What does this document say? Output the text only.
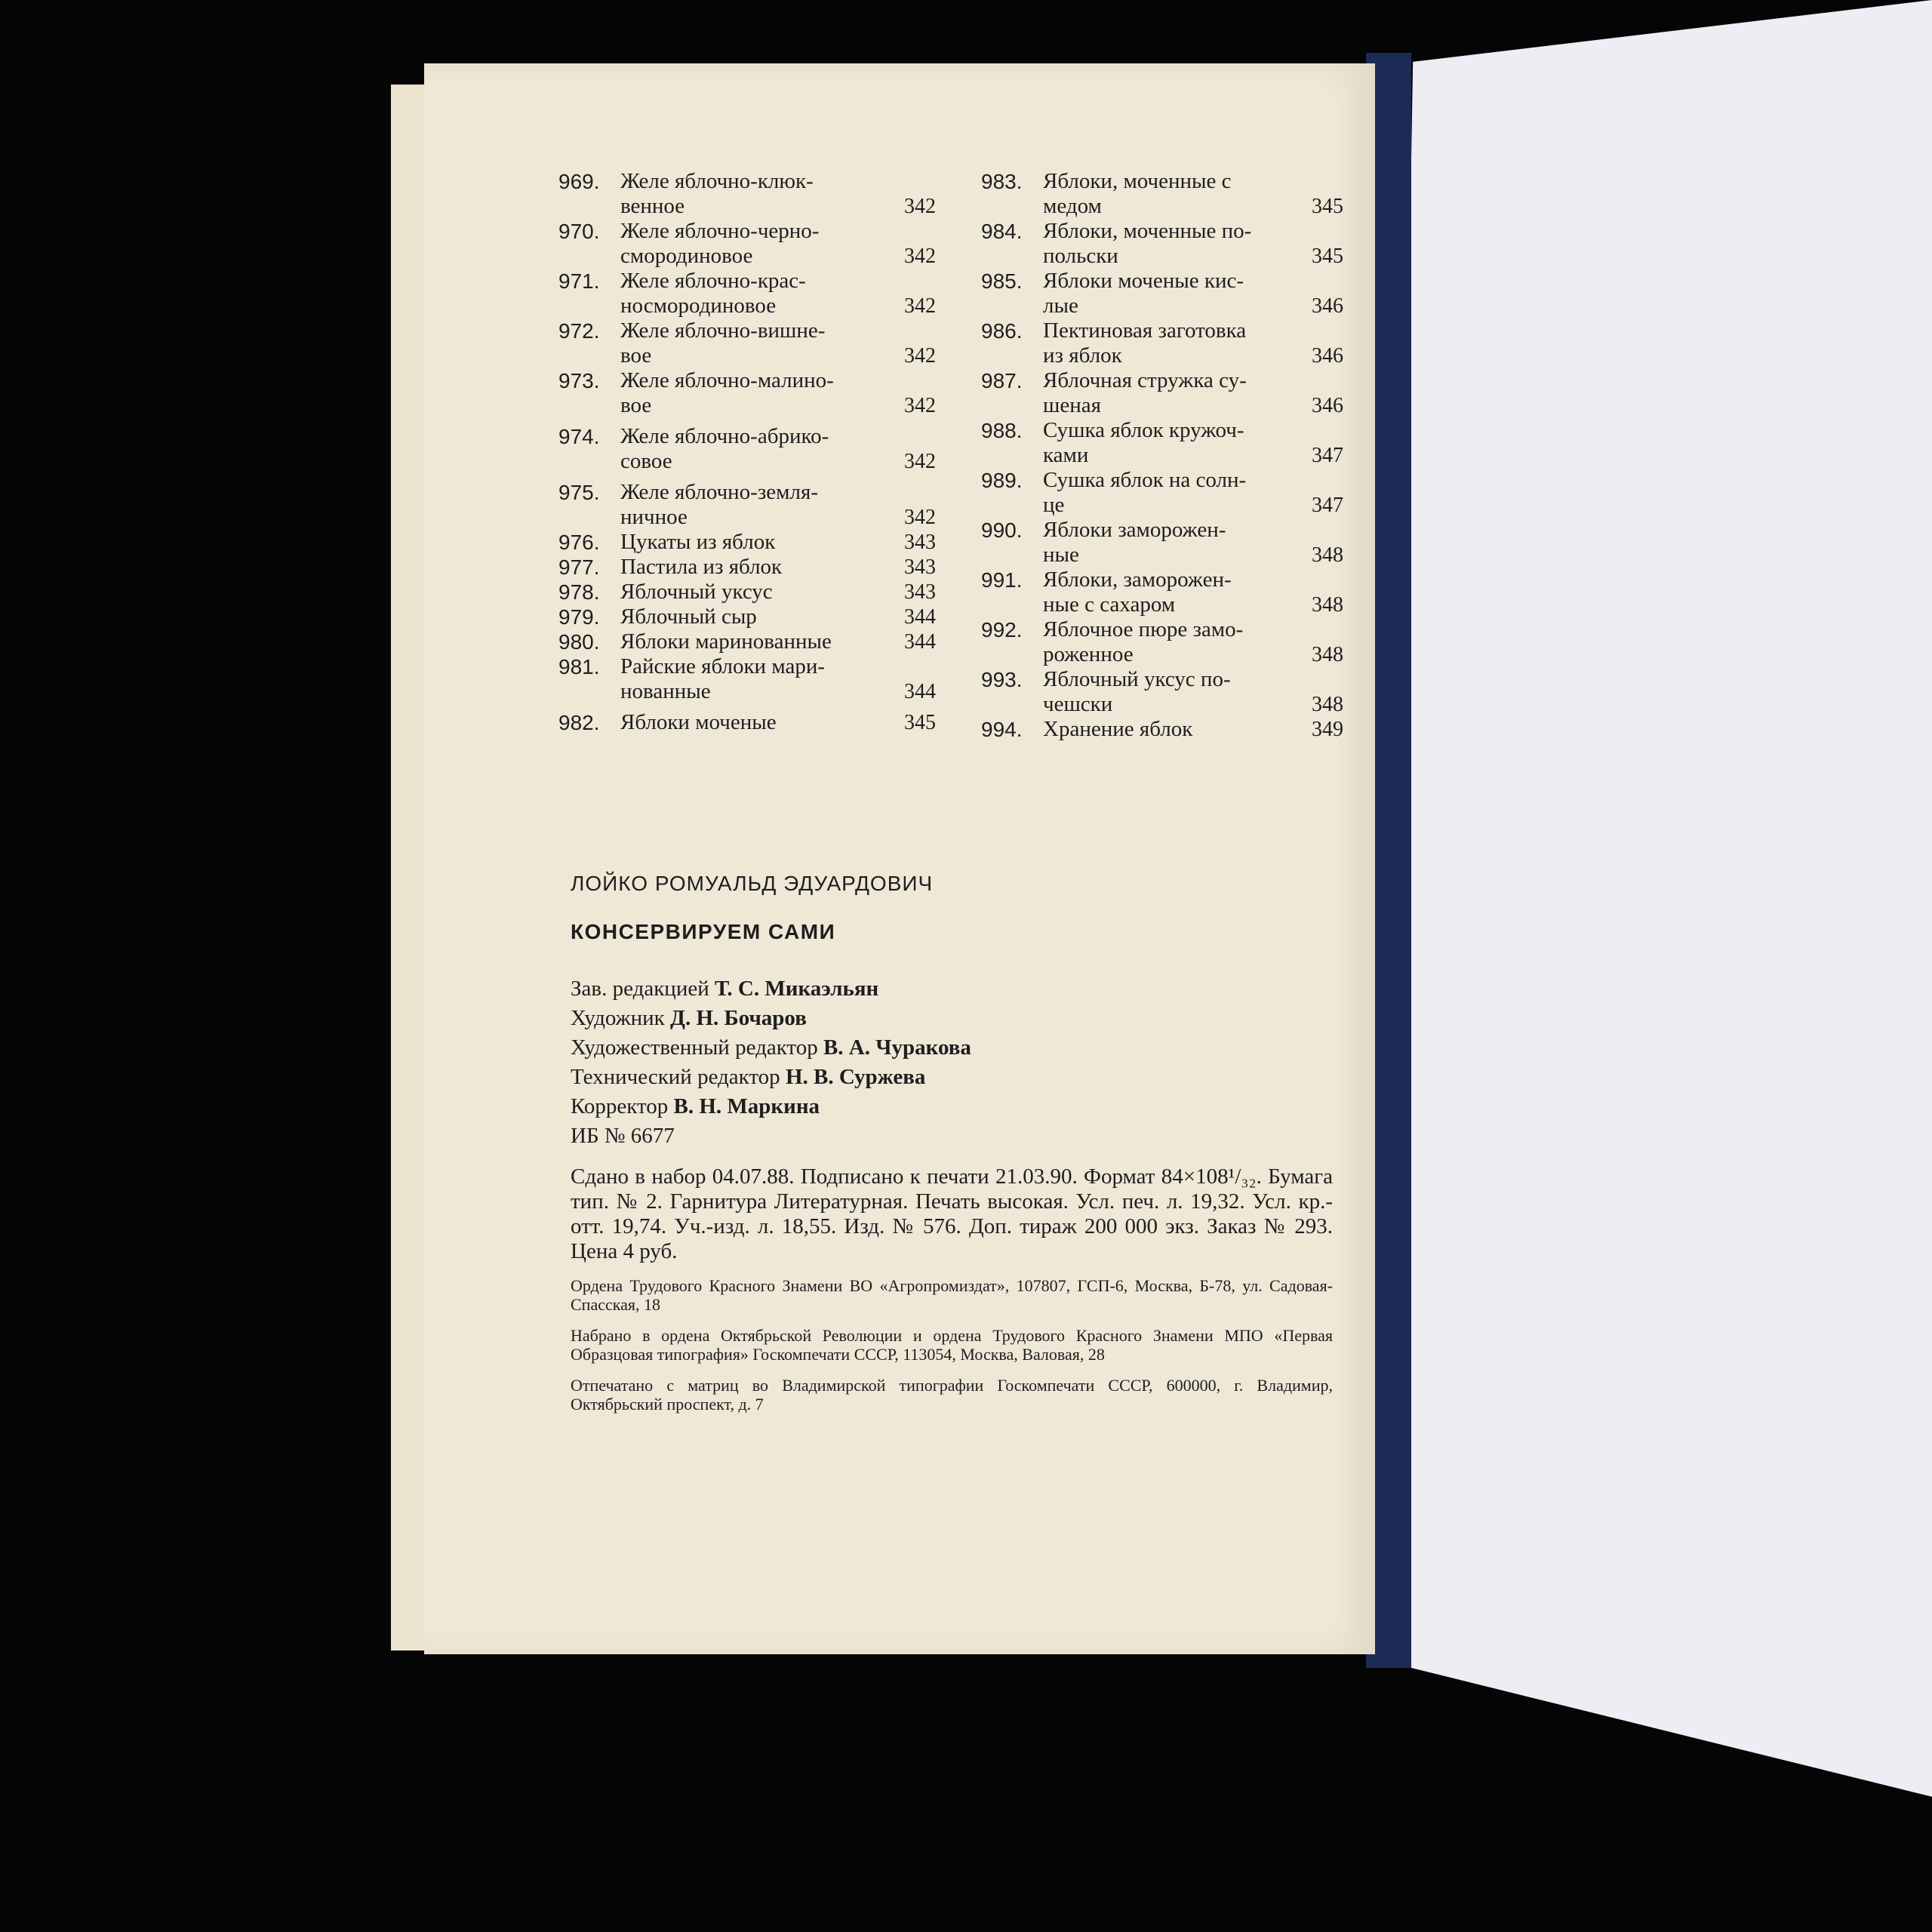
969. Желе яблочно-клюк-
венное	342
970. Желе яблочно-черно-
смородиновое	342
971. Желе яблочно-крас-
носмородиновое	342
972. Желе яблочно-вишне-
вое	342
973. Желе яблочно-малино-
вое	342
974. Желе яблочно-абрико-
совое	342
975. Желе яблочно-земля-
ничное	342
976. Цукаты из яблок	343
977. Пастила из яблок	343
978. Яблочный уксус	343
979. Яблочный сыр	344
980. Яблоки маринованные	344
981. Райские яблоки мари-
нованные	344
982. Яблоки моченые	345
983. Яблоки, моченные с
медом	345
984. Яблоки, моченные по-
польски	345
985. Яблоки моченые кис-
лые	346
986. Пектиновая заготовка
из яблок	346
987. Яблочная стружка су-
шеная	346
988. Сушка яблок кружоч-
ками	347
989. Сушка яблок на солн-
це	347
990. Яблоки заморожен-
ные	348
991. Яблоки, заморожен-
ные с сахаром	348
992. Яблочное пюре замо-
роженное	348
993. Яблочный уксус по-
чешски	348
994. Хранение яблок	349
ЛОЙКО РОМУАЛЬД ЭДУАРДОВИЧ
КОНСЕРВИРУЕМ САМИ
Зав. редакцией Т. С. Микаэльян
Художник Д. Н. Бочаров
Художественный редактор В. А. Чуракова
Технический редактор Н. В. Суржева
Корректор В. Н. Маркина
ИБ № 6677
Сдано в набор 04.07.88. Подписано к печати 21.03.90. Формат 84×108¹/₃₂. Бумага тип. № 2. Гарнитура Литературная. Печать высокая. Усл. печ. л. 19,32. Усл. кр.-отт. 19,74. Уч.-изд. л. 18,55. Изд. № 576. Доп. тираж 200 000 экз. Заказ № 293. Цена 4 руб.
Ордена Трудового Красного Знамени ВО «Агропромиздат», 107807, ГСП-6, Москва, Б-78, ул. Садовая-Спасская, 18
Набрано в ордена Октябрьской Революции и ордена Трудового Красного Знамени МПО «Первая Образцовая типография» Госкомпечати СССР, 113054, Москва, Валовая, 28
Отпечатано с матриц во Владимирской типографии Госкомпечати СССР, 600000, г. Владимир, Октябрьский проспект, д. 7
